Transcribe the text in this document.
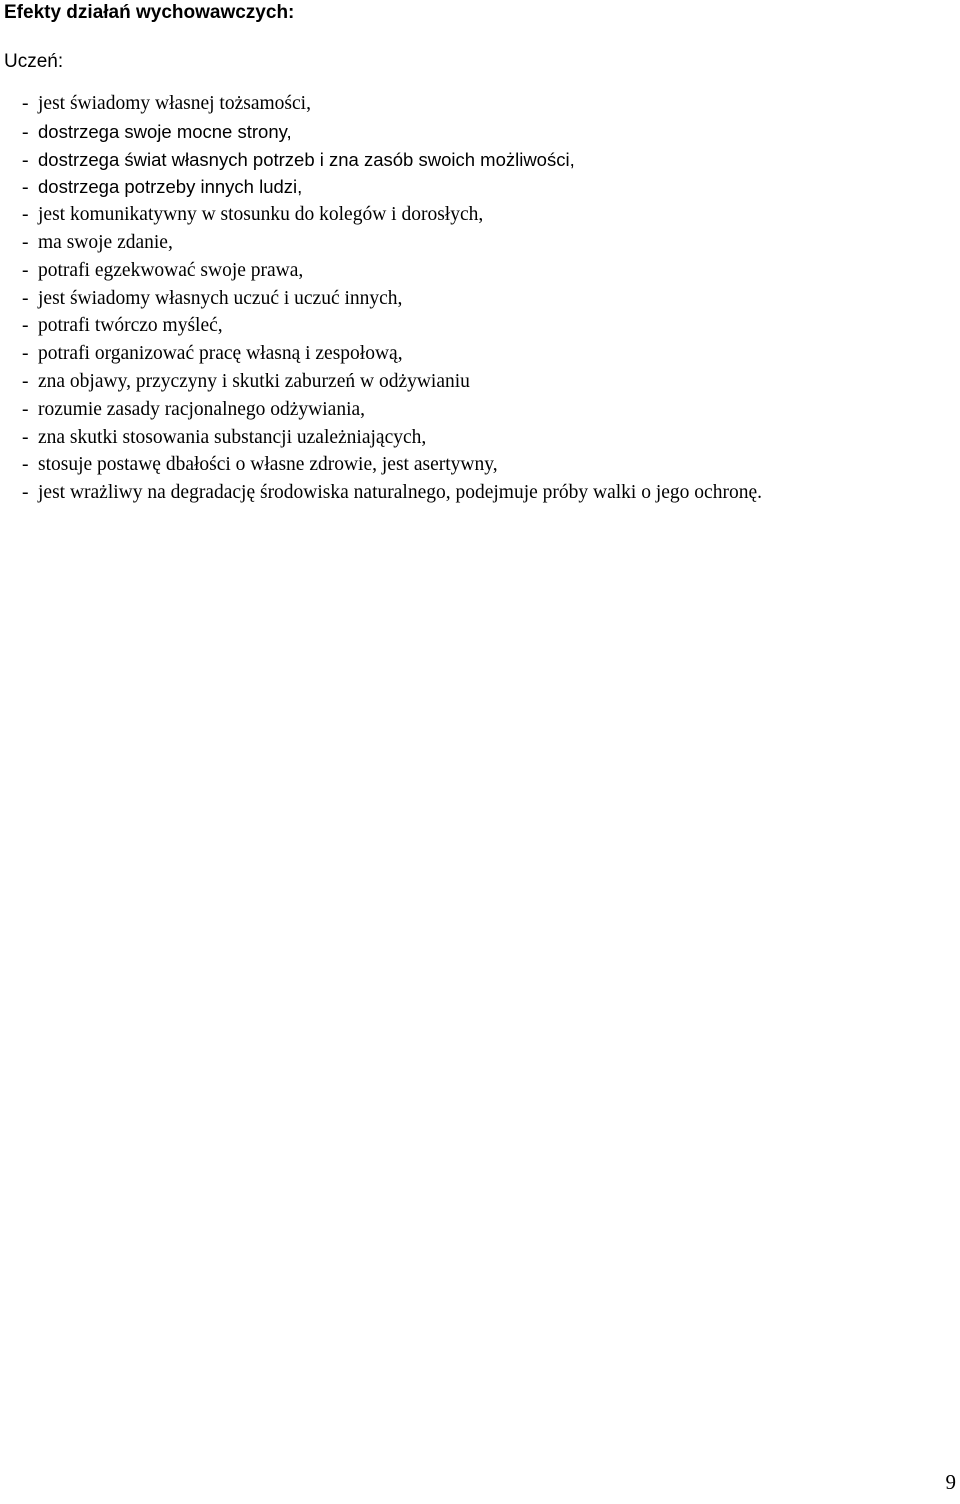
Efekty działań wychowawczych:
Uczeń:
- jest świadomy własnej tożsamości,
- dostrzega swoje mocne strony,
- dostrzega świat własnych potrzeb i zna zasób swoich możliwości,
- dostrzega potrzeby innych ludzi,
- jest komunikatywny w stosunku do kolegów i dorosłych,
- ma swoje zdanie,
- potrafi egzekwować swoje prawa,
- jest świadomy własnych uczuć i uczuć innych,
- potrafi twórczo myśleć,
- potrafi organizować pracę własną i zespołową,
- zna objawy, przyczyny i skutki zaburzeń w odżywianiu
- rozumie zasady racjonalnego odżywiania,
- zna skutki stosowania substancji uzależniających,
- stosuje postawę dbałości o własne zdrowie, jest asertywny,
- jest wrażliwy na degradację środowiska naturalnego, podejmuje próby walki o jego ochronę.
9
